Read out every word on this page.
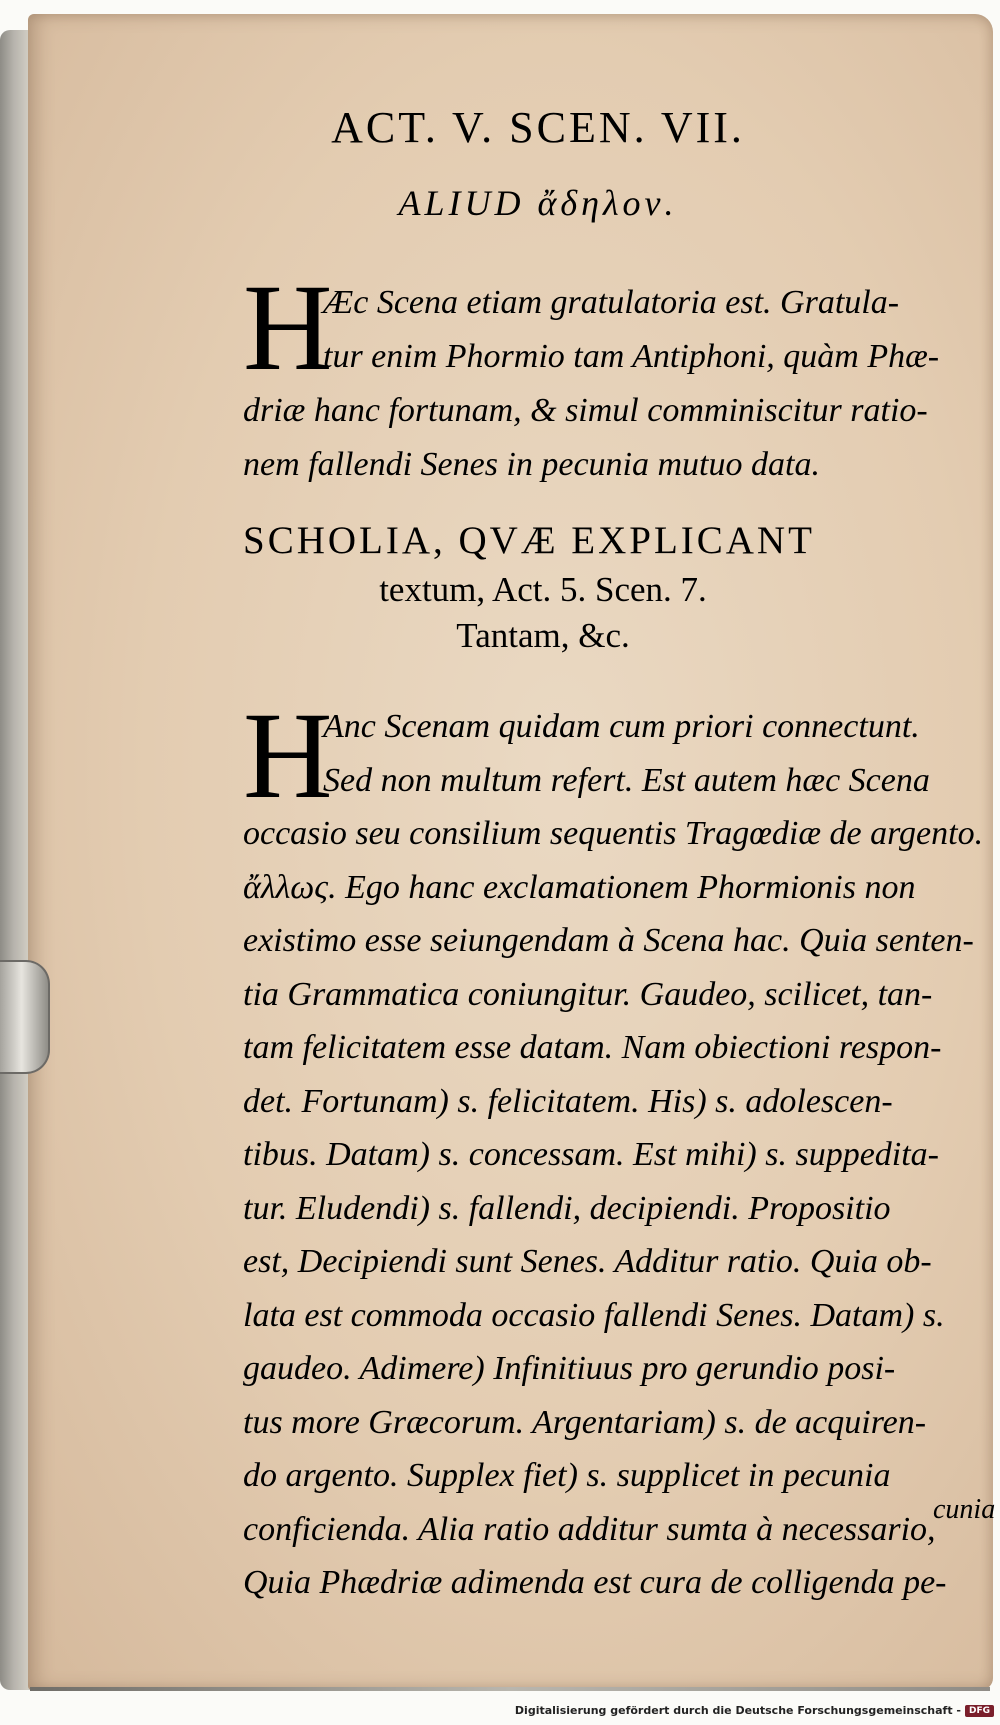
ACT. V. SCEN. VII.
ALIUD ἄδηλον.
H

Æc Scena etiam gratulatoria est. Gratula-
tur enim Phormio tam Antiphoni, quàm Phæ-
driæ hanc fortunam, & simul comminiscitur ratio-
nem fallendi Senes in pecunia mutuo data.

SCHOLIA, QVÆ EXPLICANT
textum, Act. 5. Scen. 7.
Tantam, &c.
H

Anc Scenam quidam cum priori connectunt.
Sed non multum refert. Est autem hæc Scena
occasio seu consilium sequentis Tragœdiæ de argento.
ἄλλως. Ego hanc exclamationem Phormionis non
existimo esse seiungendam à Scena hac. Quia senten-
tia Grammatica coniungitur. Gaudeo, scilicet, tan-
tam felicitatem esse datam. Nam obiectioni respon-
det. Fortunam) s. felicitatem. His) s. adolescen-
tibus. Datam) s. concessam. Est mihi) s. suppedita-
tur. Eludendi) s. fallendi, decipiendi. Propositio
est, Decipiendi sunt Senes. Additur ratio. Quia ob-
lata est commoda occasio fallendi Senes. Datam) s.
gaudeo. Adimere) Infinitiuus pro gerundio posi-
tus more Græcorum. Argentariam) s. de acquiren-
do argento. Supplex fiet) s. supplicet in pecunia
conficienda. Alia ratio additur sumta à necessario,
Quia Phædriæ adimenda est cura de colligenda pe-

cunia
Digitalisierung gefördert durch die Deutsche Forschungsgemeinschaft - DFG
